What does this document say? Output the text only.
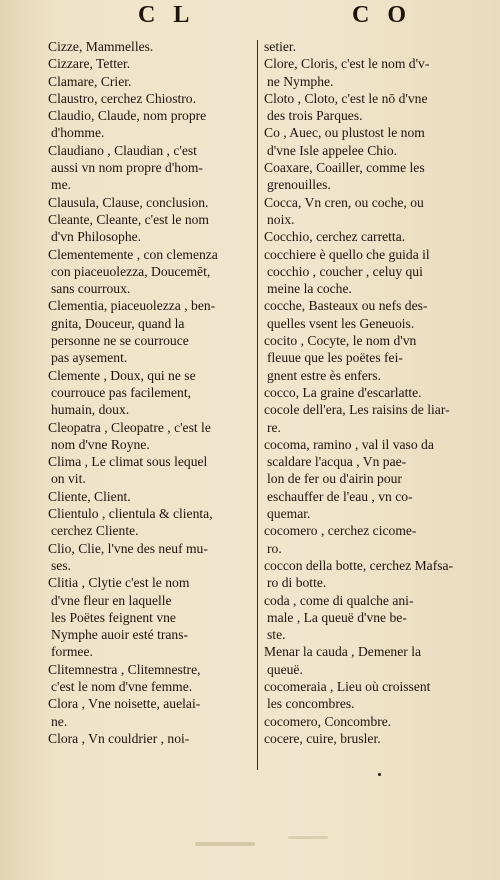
C L	C O
Cizze, Mammelles.
Cizzare, Tetter.
Clamare, Crier.
Claustro, cerchez Chiostro.
Claudio, Claude, nom propre
d'homme.
Claudiano , Claudian , c'est
aussi vn nom propre d'hom-
me.
Clausula, Clause, conclusion.
Cleante, Cleante, c'est le nom
d'vn Philosophe.
Clementemente , con clemenza
con piaceuolezza, Doucemēt,
sans courroux.
Clementia, piaceuolezza , ben-
gnita, Douceur, quand la
personne ne se courrouce
pas aysement.
Clemente , Doux, qui ne se
courrouce pas facilement,
humain, doux.
Cleopatra , Cleopatre , c'est le
nom d'vne Royne.
Clima , Le climat sous lequel
on vit.
Cliente, Client.
Clientulo , clientula & clienta,
cerchez Cliente.
Clio, Clie, l'vne des neuf mu-
ses.
Clitia , Clytie c'est le nom
d'vne fleur en laquelle
les Poëtes feignent vne
Nymphe auoir esté trans-
formee.
Clitemnestra , Clitemnestre,
c'est le nom d'vne femme.
Clora , Vne noisette, auelai-
ne.
Clora , Vn couldrier , noi-
setier.
Clore, Cloris, c'est le nom d'v-
ne Nymphe.
Cloto , Cloto, c'est le nō d'vne
des trois Parques.
Co , Auec, ou plustost le nom
d'vne Isle appelee Chio.
Coaxare, Coailler, comme les
grenouilles.
Cocca, Vn cren, ou coche, ou
noix.
Cocchio, cerchez carretta.
cocchiere è quello che guida il
cocchio , coucher , celuy qui
meine la coche.
cocche, Basteaux ou nefs des-
quelles vsent les Geneuois.
cocito , Cocyte, le nom d'vn
fleuue que les poëtes fei-
gnent estre ès enfers.
cocco, La graine d'escarlatte.
cocole dell'era, Les raisins de liar-
re.
cocoma, ramino , val il vaso da
scaldare l'acqua , Vn pae-
lon de fer ou d'airin pour
eschauffer de l'eau , vn co-
quemar.
cocomero , cerchez cicome-
ro.
coccon della botte, cerchez Mafsa-
ro di botte.
coda , come di qualche ani-
male , La queuë d'vne be-
ste.
Menar la cauda , Demener la
queuë.
cocomeraia , Lieu où croissent
les concombres.
cocomero, Concombre.
cocere, cuire, brusler.
